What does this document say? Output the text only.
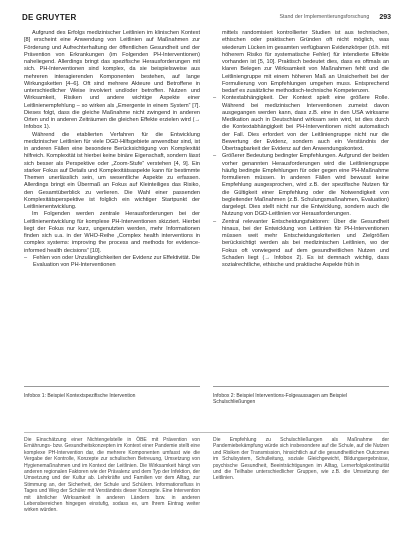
DE GRUYTER	Stand der Implementierungsforschung	293

Aufgrund des Erfolgs medizinischer Leitlinien im klinischen Kontext [8] erscheint eine Anwendung von Leitlinien auf Maßnahmen zur Förderung und Aufrechterhaltung der öffentlichen Gesundheit und der Prävention von Erkrankungen (im Folgenden PH-Interventionen) naheliegend. Allerdings bringt das spezifische Herausforderungen mit sich. PH-Interventionen sind komplex, da sie beispielsweise aus mehreren interagierenden Komponenten bestehen, auf lange Wirkungsketten [4–6]. Oft sind mehrere Akteure und Betroffene in unterschiedlicher Weise involviert und/oder betroffen. Nutzen und Wirksamkeit, Risiken und andere wichtige Aspekte einer Leitlinienempfehlung – so wirken als „Emergente in einem System“ [7]. Dieses folgt, dass die gleiche Maßnahme nicht zwingend in anderen Orten und in anderen Zeiträumen die gleichen Effekte erzielen wird (→ Infobox 1).

Während die etablierten Verfahren für die Entwicklung medizinischer Leitlinien für viele DGD-Hilfsgebiete anwendbar sind, ist in anderen Fällen eine besondere Berücksichtigung von Komplexität hilfreich. Komplexität ist hierbei keine binäre Eigenschaft, sondern lässt sich besser als Perspektive oder „Zoom-Stufe“ verstehen [4, 9]. Ein starker Fokus auf Details und Komplexitätsaspekte kann für bestimmte Themen unerlässlich sein, um wesentliche Aspekte zu erfassen. Allerdings bringt ein Übermaß an Fokus auf Kleinteiliges das Risiko, den Gesamtüberblick zu verlieren. Die Wahl einer passenden Komplexitätsperspektive ist folglich ein wichtiger Startpunkt der Leitlinienentwicklung.

Im Folgenden werden zentrale Herausforderungen bei der Leitlinienentwicklung für komplexe PH-Interventionen skizziert. Hierbei liegt der Fokus nur kurz, ungenutzten werden, mehr Informationen finden sich u.a. in der WHO-Reihe „Complex health interventions in complex systems: improving the process and methods for evidence-informed health decisions“ [10].

–	Fehlen von oder Unzulänglichkeiten der Evidenz zur Effektivität. Die Evaluation von PH-Interventionen

mittels randomisiert kontrollierter Studien ist aus technischen, ethischen oder praktischen Gründen oft nicht möglich, was wiederum Lücken im gesamten verfügbaren Evidenzkörper (d.h. mit höherem Risiko für systematische Fehler) für intendierte Effekte vorhanden ist [5, 10]. Praktisch bedeutet dies, dass es oftmals an klaren Belegen zur Wirksamkeit von Maßnahmen fehlt und die Leitliniengruppe mit einem höheren Maß an Unsicherheit bei der Formulierung von Empfehlungen umgehen muss. Entsprechend bedarf es zusätzliche methodisch-technische Kompetenzen.

–	Kontextabhängigkeit. Der Kontext spielt eine größere Rolle. Während bei medizinischen Interventionen zumeist davon ausgegangen werden kann, dass z.B. eine in den USA wirksame Medikation auch in Deutschland wirksam sein wird, ist dies durch die Kontextabhängigkeit bei PH-Interventionen nicht automatisch der Fall. Dies erfordert von der Leitliniengruppe nicht nur die Bewertung der Evidenz, sondern auch ein Verständnis der Übertragbarkeit der Evidenz auf den Anwendungskontext.
–	Größerer Bedeutung bedingter Empfehlungen. Aufgrund der beiden vorher genannten Herausforderungen wird die Leitliniengruppe häufig bedingte Empfehlungen für oder gegen eine PH-Maßnahme formulieren müssen. In anderen Fällen wird bewusst keine Empfehlung ausgesprochen, wird z.B. der spezifische Nutzen für die Gültigkeit einer Empfehlung oder die Notwendigkeit von begleitender Maßnahmen (z.B. Schulungsmaßnahmen, Evaluation) dargelegt. Dies stellt nicht nur die Entwicklung, sondern auch die Nutzung von DGD-Leitlinien vor Herausforderungen.
–	Zentral relevanter Entscheidungsfaktoren: Über die Gesundheit hinaus, bei der Entwicklung von Leitlinien für PH-Interventionen müssen weit mehr Entscheidungskriterien und Zielgrößen berücksichtigt werden als bei medizinischen Leitlinien, wo der Fokus oft vorwiegend auf dem gesundheitlichen Nutzen und Schaden liegt (→ Infobox 2). Es ist demnach wichtig, dass sozialrechtliche, ethische und praktische Aspekte früh in
Infobox 1: Beispiel Kontextspezifische Intervention	Infobox 2: Beispiel Interventions-Folgeaussagen am Beispiel Schulschließungen

Die Einschätzung einer Nichtengelstelle in ÖBE mit Prävention von Ernährungs- bzw. Gesundheitskonzepten im Kontext einer Pandemie stellt eine komplexe PH-Intervention dar, die mehrere Komponenten umfasst wie die Vergabe der Kontrolle, Konzepte zur schulischen Betreuung, Umsetzung von Hygienemaßnahmen und im Kontext der Leitlinien. Die Wirksamkeit hängt von anderen regionalen Faktoren wie der Prävalenz und dem Typ der Infektion, der Umsetzung und der Kultur ab. Lehrkräfte und Familien vor dem Alltag, zur Stimmung an, der Sicherheit, der Schule und Schülern. Informationsfluss in Tages und Weg der Schüler mit Verständnis dieser Konzepte. Eine Intervention mit ähnlicher Wirksamkeit in anderen Ländern bzw. in anderen Lebensbereichen hingegen einstufig, sodass es, um Ihrem Eintrag weiter wirken würden.

Die Empfehlung zu Schulschließungen als Maßnahme der Pandemiebekämpfung würde sich insbesondere auf die Schule, auf die Nutzen und Risiken der Transmission, hinsichtlich auf die gesundheitlichen Outcomes im Schulsystem, Schulleitung, soziale Gleichgewicht, Bildungsergebnisse, psychische Gesundheit, Beeinträchtigungen im Alltag, Lernerfolgskontinuität und die Teilhabe unterschiedlicher Gruppen, wie z.B. die Umsetzung der Leitlinien.
